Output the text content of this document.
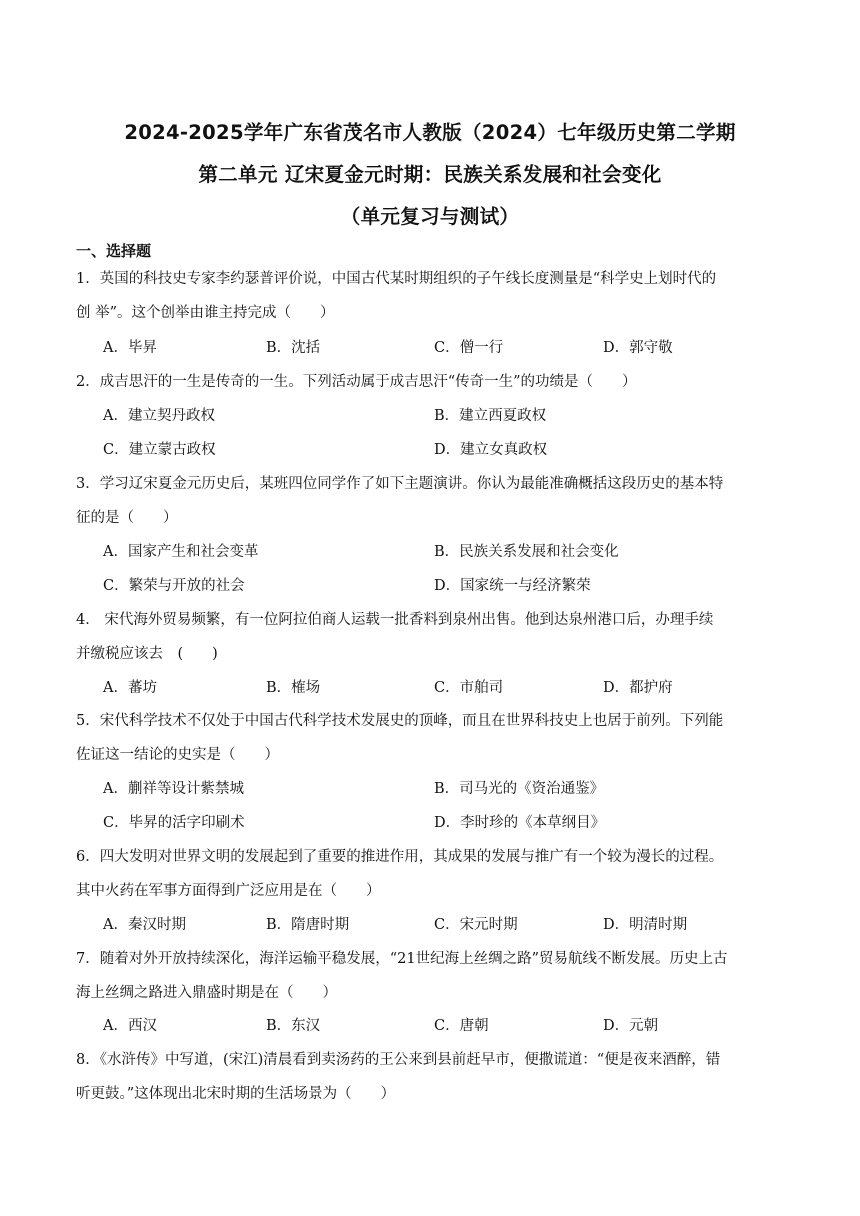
2024-2025学年广东省茂名市人教版（2024）七年级历史第二学期
第二单元 辽宋夏金元时期：民族关系发展和社会变化
（单元复习与测试）
一、选择题
1．英国的科技史专家李约瑟普评价说，中国古代某时期组织的子午线长度测量是“科学史上划时代的
创 举”。这个创举由谁主持完成（　　）
A．毕昇	B．沈括	C．僧一行	D．郭守敬
2．成吉思汗的一生是传奇的一生。下列活动属于成吉思汗“传奇一生”的功绩是（　　）
A．建立契丹政权	B．建立西夏政权
C．建立蒙古政权	D．建立女真政权
3．学习辽宋夏金元历史后，某班四位同学作了如下主题演讲。你认为最能准确概括这段历史的基本特
征的是（　　）
A．国家产生和社会变革	B．民族关系发展和社会变化
C．繁荣与开放的社会	D．国家统一与经济繁荣
4． 宋代海外贸易频繁，有一位阿拉伯商人运载一批香料到泉州出售。他到达泉州港口后，办理手续
并缴税应该去　(　　)
A．蕃坊	B．榷场	C．市舶司	D．都护府
5．宋代科学技术不仅处于中国古代科学技术发展史的顶峰，而且在世界科技史上也居于前列。下列能
佐证这一结论的史实是（　　）
A．蒯祥等设计紫禁城	B．司马光的《资治通鉴》
C．毕昇的活字印刷术	D．李时珍的《本草纲目》
6．四大发明对世界文明的发展起到了重要的推进作用，其成果的发展与推广有一个较为漫长的过程。
其中火药在军事方面得到广泛应用是在（　　）
A．秦汉时期	B．隋唐时期	C．宋元时期	D．明清时期
7．随着对外开放持续深化，海洋运输平稳发展，“21世纪海上丝绸之路”贸易航线不断发展。历史上古
海上丝绸之路进入鼎盛时期是在（　　）
A．西汉	B．东汉	C．唐朝	D．元朝
8．《水浒传》中写道，(宋江)清晨看到卖汤药的王公来到县前赶早市，便撒谎道：“便是夜来酒醉，错
听更鼓。”这体现出北宋时期的生活场景为（　　）
